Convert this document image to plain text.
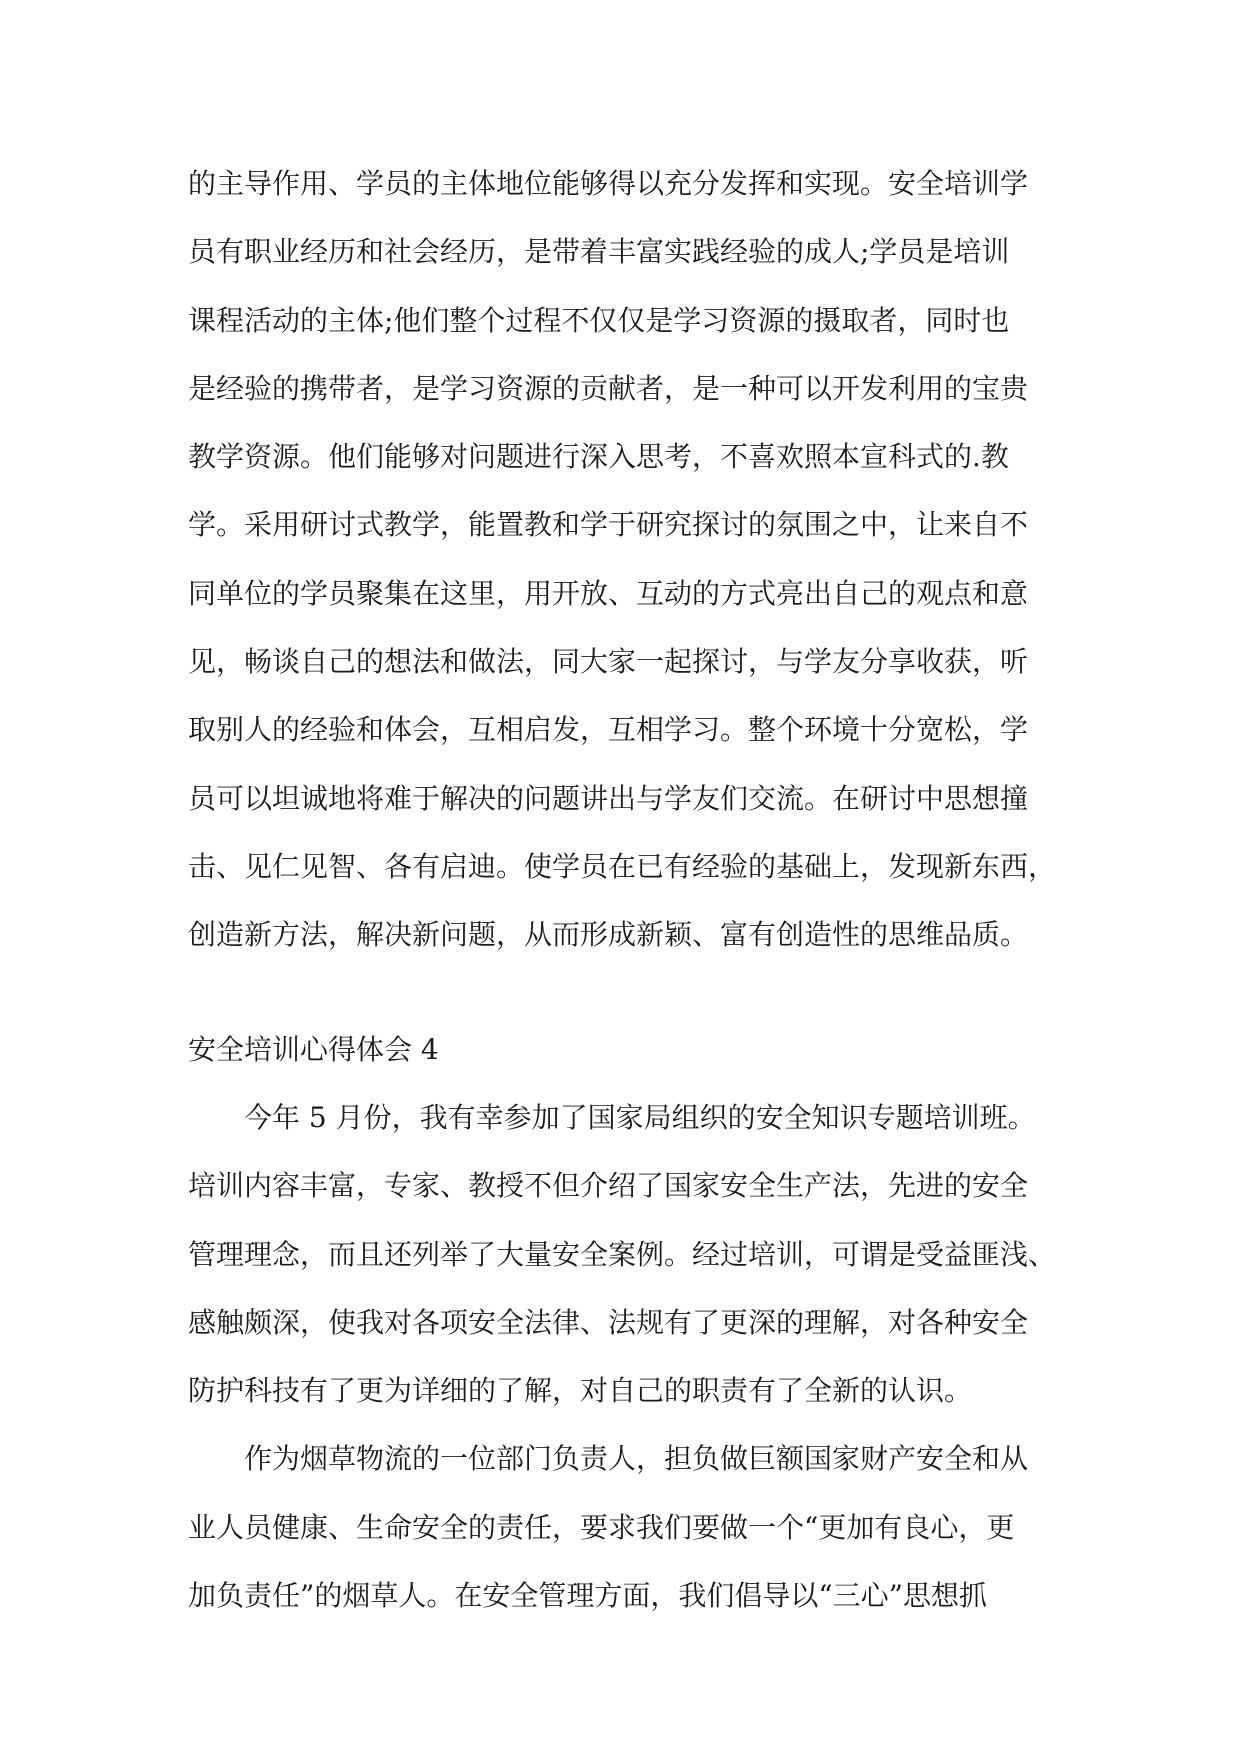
的主导作用、学员的主体地位能够得以充分发挥和实现。安全培训学
员有职业经历和社会经历，是带着丰富实践经验的成人;学员是培训
课程活动的主体;他们整个过程不仅仅是学习资源的摄取者，同时也
是经验的携带者，是学习资源的贡献者，是一种可以开发利用的宝贵
教学资源。他们能够对问题进行深入思考，不喜欢照本宣科式的.教
学。采用研讨式教学，能置教和学于研究探讨的氛围之中，让来自不
同单位的学员聚集在这里，用开放、互动的方式亮出自己的观点和意
见，畅谈自己的想法和做法，同大家一起探讨，与学友分享收获，听
取别人的经验和体会，互相启发，互相学习。整个环境十分宽松，学
员可以坦诚地将难于解决的问题讲出与学友们交流。在研讨中思想撞
击、见仁见智、各有启迪。使学员在已有经验的基础上，发现新东西，
创造新方法，解决新问题，从而形成新颖、富有创造性的思维品质。
安全培训心得体会 4
今年 5 月份，我有幸参加了国家局组织的安全知识专题培训班。
培训内容丰富，专家、教授不但介绍了国家安全生产法，先进的安全
管理理念，而且还列举了大量安全案例。经过培训，可谓是受益匪浅、
感触颇深，使我对各项安全法律、法规有了更深的理解，对各种安全
防护科技有了更为详细的了解，对自己的职责有了全新的认识。
作为烟草物流的一位部门负责人，担负做巨额国家财产安全和从
业人员健康、生命安全的责任，要求我们要做一个“更加有良心，更
加负责任”的烟草人。在安全管理方面，我们倡导以“三心”思想抓
